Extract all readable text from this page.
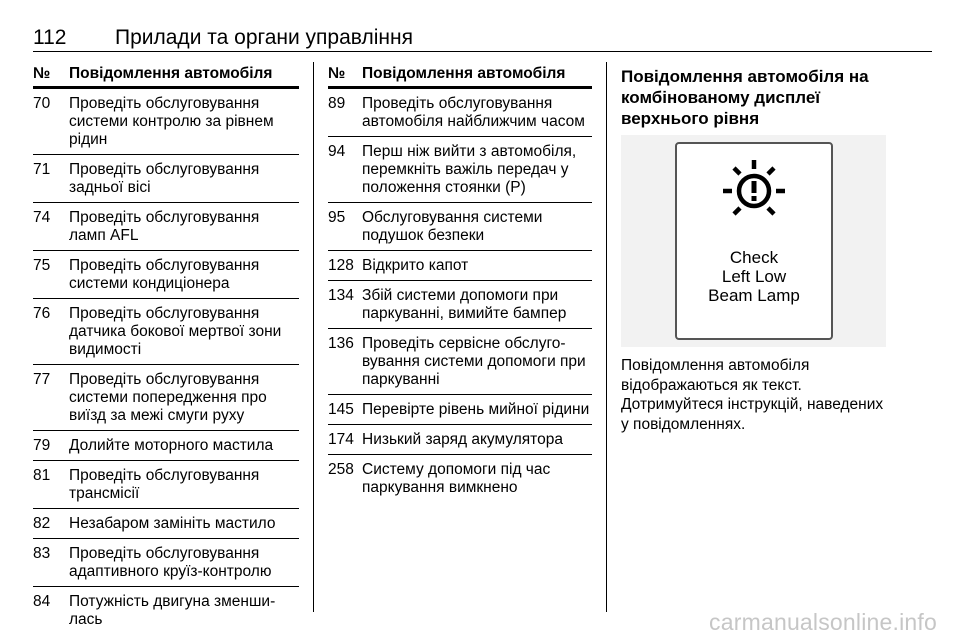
112 Прилади та органи управління
№	Повідомлення автомобіля
70	Проведіть обслуговування системи контролю за рівнем рідин
71	Проведіть обслуговування задньої вісі
74	Проведіть обслуговування ламп AFL
75	Проведіть обслуговування системи кондиціонера
76	Проведіть обслуговування датчика бокової мертвої зони видимості
77	Проведіть обслуговування системи попередження про виїзд за межі смуги руху
79	Долийте моторного мастила
81	Проведіть обслуговування трансмісії
82	Незабаром замініть мастило
83	Проведіть обслуговування адаптивного круїз-контролю
84	Потужність двигуна зменши-лась
№	Повідомлення автомобіля
89	Проведіть обслуговування автомобіля найближчим часом
94	Перш ніж вийти з автомобіля, перемкніть важіль передач у положення стоянки (P)
95	Обслуговування системи подушок безпеки
128 Відкрито капот
134 Збій системи допомоги при паркуванні, вимийте бампер
136 Проведіть сервісне обслуго-вування системи допомоги при паркуванні
145 Перевірте рівень мийної рідини
174 Низький заряд акумулятора
258 Систему допомоги під час паркування вимкнено
Повідомлення автомобіля на комбінованому дисплеї верхнього рівня
Check
Left Low
Beam Lamp
Повідомлення автомобіля відображаються як текст. Дотримуйтеся інструкцій, наведених у повідомленнях.
carmanualsonline.info
